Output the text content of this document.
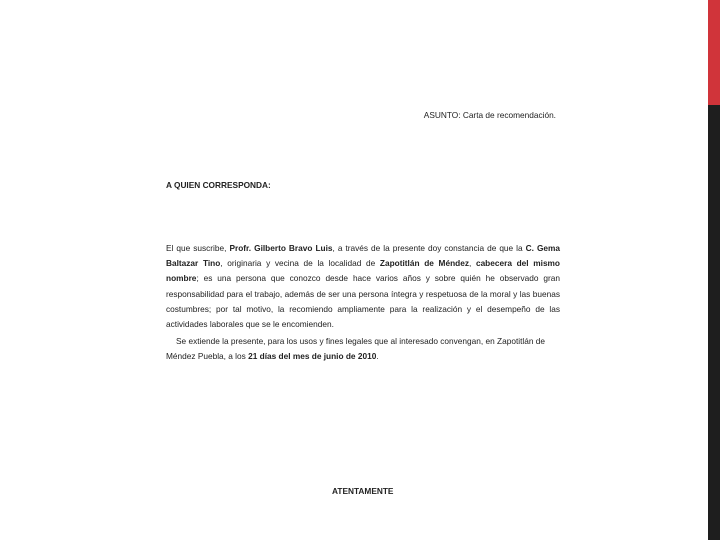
ASUNTO: Carta de recomendación.
A QUIEN CORRESPONDA:

El que suscribe, Profr. Gilberto Bravo Luis, a través de la presente doy constancia de que la C. Gema Baltazar Tino, originaria y vecina de la localidad de Zapotitlán de Méndez, cabecera del mismo nombre; es una persona que conozco desde hace varios años y sobre quién he observado gran responsabilidad para el trabajo, además de ser una persona íntegra y respetuosa de la moral y las buenas costumbres; por tal motivo, la recomiendo ampliamente para la realización y el desempeño de las actividades laborales que se le encomienden.

Se extiende la presente, para los usos y fines legales que al interesado convengan, en Zapotitlán de Méndez Puebla, a los 21 días del mes de junio de 2010.

ATENTAMENTE
